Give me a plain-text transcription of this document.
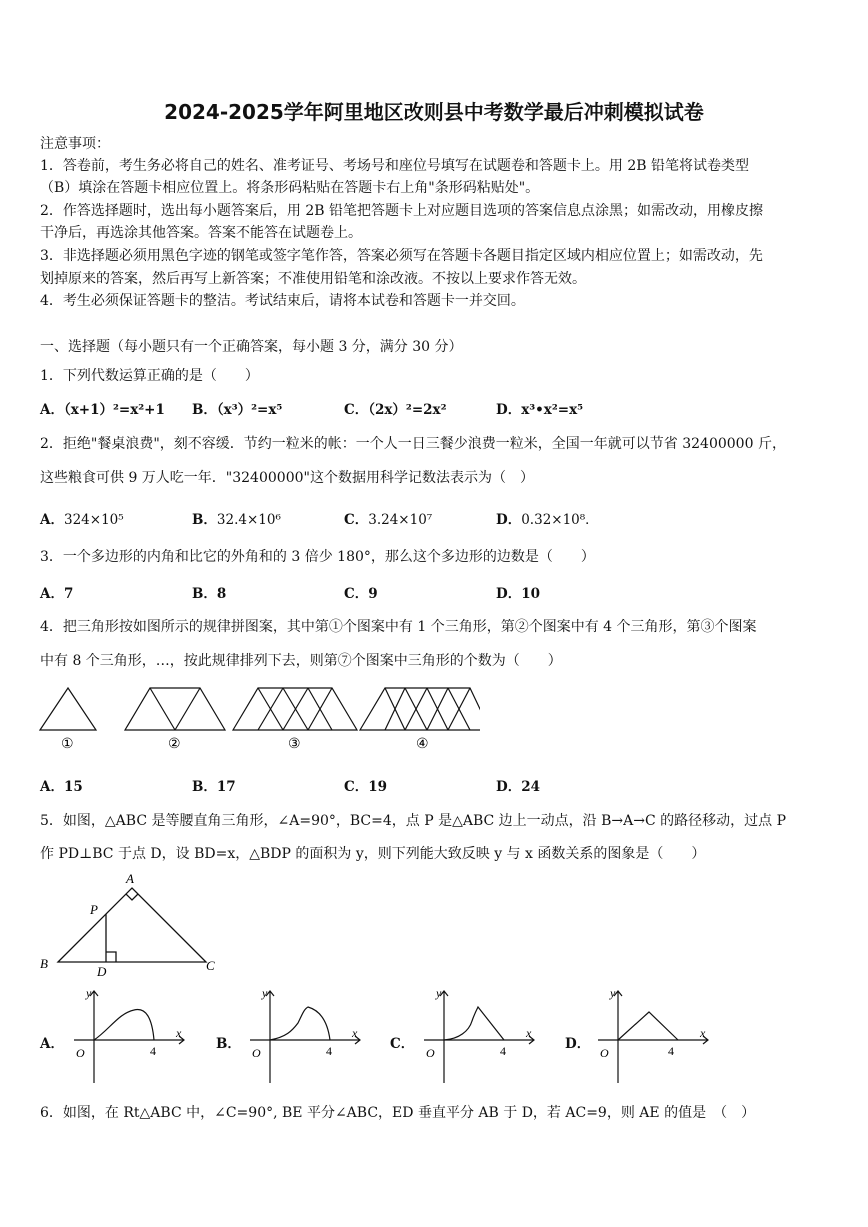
2024-2025学年阿里地区改则县中考数学最后冲刺模拟试卷
注意事项：
1．答卷前，考生务必将自己的姓名、准考证号、考场号和座位号填写在试题卷和答题卡上。用 2B 铅笔将试卷类型
（B）填涂在答题卡相应位置上。将条形码粘贴在答题卡右上角"条形码粘贴处"。
2．作答选择题时，选出每小题答案后，用 2B 铅笔把答题卡上对应题目选项的答案信息点涂黑；如需改动，用橡皮擦
干净后，再选涂其他答案。答案不能答在试题卷上。
3．非选择题必须用黑色字迹的钢笔或签字笔作答，答案必须写在答题卡各题目指定区域内相应位置上；如需改动，先
划掉原来的答案，然后再写上新答案；不准使用铅笔和涂改液。不按以上要求作答无效。
4．考生必须保证答题卡的整洁。考试结束后，请将本试卷和答题卡一并交回。
一、选择题（每小题只有一个正确答案，每小题 3 分，满分 30 分）
1．下列代数运算正确的是（　　）
A．（x+1）²=x²+1 B．（x³）²=x⁵	C．（2x）²=2x²	D．x³•x²=x⁵
2．拒绝"餐桌浪费"，刻不容缓．节约一粒米的帐：一个人一日三餐少浪费一粒米，全国一年就可以节省 32400000 斤，
这些粮食可供 9 万人吃一年．"32400000"这个数据用科学记数法表示为（　）
A．324×10⁵	B．32.4×10⁶	C．3.24×10⁷	D．0.32×10⁸．
3．一个多边形的内角和比它的外角和的 3 倍少 180°，那么这个多边形的边数是（　　）
A．7	B．8	C．9	D．10
4．把三角形按如图所示的规律拼图案，其中第①个图案中有 1 个三角形，第②个图案中有 4 个三角形，第③个图案
中有 8 个三角形，…，按此规律排列下去，则第⑦个图案中三角形的个数为（　　）
①	②	③	④
A．15	B．17	C．19	D．24
5．如图，△ABC 是等腰直角三角形，∠A=90°，BC=4，点 P 是△ABC 边上一动点，沿 B→A→C 的路径移动，过点 P
作 PD⊥BC 于点 D，设 BD=x，△BDP 的面积为 y，则下列能大致反映 y 与 x 函数关系的图象是（　　）
A
B	C
P
D
A．
y
x
O	4	B．
y
x
O	4	C．
y
x
O	4	D．
y
x
O	4
6．如图，在 Rt△ABC 中，∠C=90°, BE 平分∠ABC，ED 垂直平分 AB 于 D，若 AC=9，则 AE 的值是　（　）
